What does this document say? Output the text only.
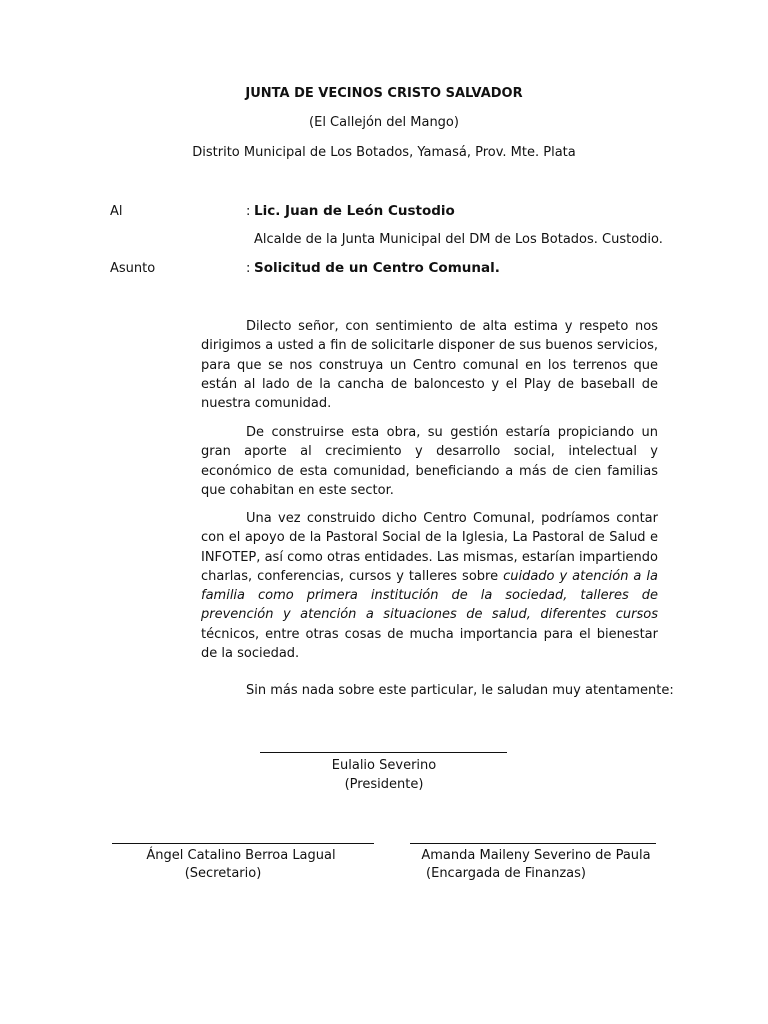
JUNTA DE VECINOS CRISTO SALVADOR
(El Callejón del Mango)
Distrito Municipal de Los Botados, Yamasá, Prov. Mte. Plata
Al	: Lic. Juan de León Custodio
Alcalde de la Junta Municipal del DM de Los Botados. Custodio.
Asunto	: Solicitud de un Centro Comunal.

Dilecto señor, con sentimiento de alta estima y respeto nos dirigimos a usted a fin de solicitarle disponer de sus buenos servicios, para que se nos construya un Centro comunal en los terrenos que están al lado de la cancha de baloncesto y el Play de baseball de nuestra comunidad.

De construirse esta obra, su gestión estaría propiciando un gran aporte al crecimiento y desarrollo social, intelectual y económico de esta comunidad, beneficiando a más de cien familias que cohabitan en este sector.

Una vez construido dicho Centro Comunal, podríamos contar con el apoyo de la Pastoral Social de la Iglesia, La Pastoral de Salud e INFOTEP, así como otras entidades. Las mismas, estarían impartiendo charlas, conferencias, cursos y talleres sobre cuidado y atención a la familia como primera institución de la sociedad, talleres de prevención y atención a situaciones de salud, diferentes cursos técnicos, entre otras cosas de mucha importancia para el bienestar de la sociedad.

Sin más nada sobre este particular, le saludan muy atentamente:
Eulalio Severino
(Presidente)
Ángel Catalino Berroa Lagual
(Secretario)
Amanda Maileny Severino de Paula
(Encargada de Finanzas)
